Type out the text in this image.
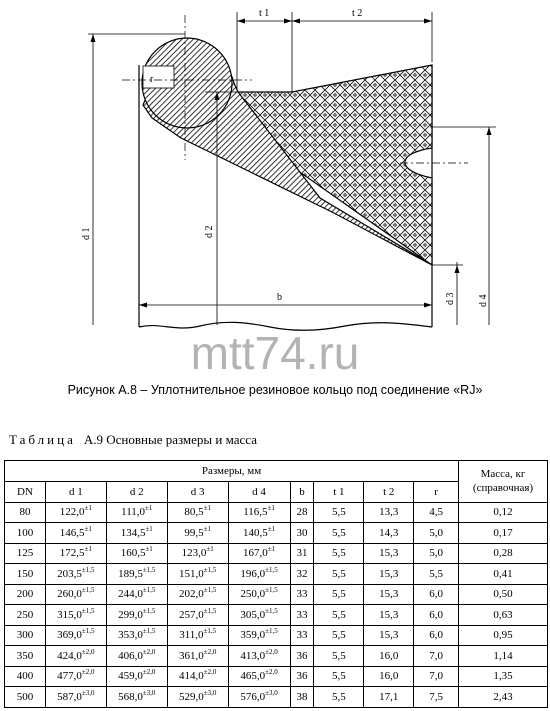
r
t 1	t 2
b
d 1	d 2
d 3 d 4
mtt74.ru
Рисунок А.8 – Уплотнительное резиновое кольцо под соединение «RJ»
Таблица А.9 Основные размеры и масса
Размеры, мм									Масса, кг (справочная)
DN	d 1	d 2	d 3	d 4	b	t 1	t 2	r	
80	$122,0^{\pm 1}$	$111,0^{\pm 1}$	$80,5^{\pm 1}$	$116,5^{\pm 1}$	28	5,5	13,3	4,5	0,12
100	$146,5^{\pm 1}$	$134,5^{\pm 1}$	$99,5^{\pm 1}$	$140,5^{\pm 1}$	30	5,5	14,3	5,0	0,17
125	$172,5^{\pm 1}$	$160,5^{\pm 1}$	$123,0^{\pm 1}$	$167,0^{\pm 1}$	31	5,5	15,3	5,0	0,28
150	$203,5^{\pm 1,5}$	$189,5^{\pm 1,5}$	$151,0^{\pm 1,5}$	$196,0^{\pm 1,5}$	32	5,5	15,3	5,5	0,41
200	$260,0^{\pm 1,5}$	$244,0^{\pm 1,5}$	$202,0^{\pm 1,5}$	$250,0^{\pm 1,5}$	33	5,5	15,3	6,0	0,50
250	$315,0^{\pm 1,5}$	$299,0^{\pm 1,5}$	$257,0^{\pm 1,5}$	$305,0^{\pm 1,5}$	33	5,5	15,3	6,0	0,63
300	$369,0^{\pm 1,5}$	$353,0^{\pm 1,5}$	$311,0^{\pm 1,5}$	$359,0^{\pm 1,5}$	33	5,5	15,3	6,0	0,95
350	$424,0^{\pm 2,0}$	$406,0^{\pm 2,0}$	$361,0^{\pm 2,0}$	$413,0^{\pm 2,0}$	36	5,5	16,0	7,0	1,14
400	$477,0^{\pm 2,0}$	$459,0^{\pm 2,0}$	$414,0^{\pm 2,0}$	$465,0^{\pm 2,0}$	36	5,5	16,0	7,0	1,35
500	$587,0^{\pm 3,0}$	$568,0^{\pm 3,0}$	$529,0^{\pm 3,0}$	$576,0^{\pm 3,0}$	38	5,5	17,1	7,5	2,43
